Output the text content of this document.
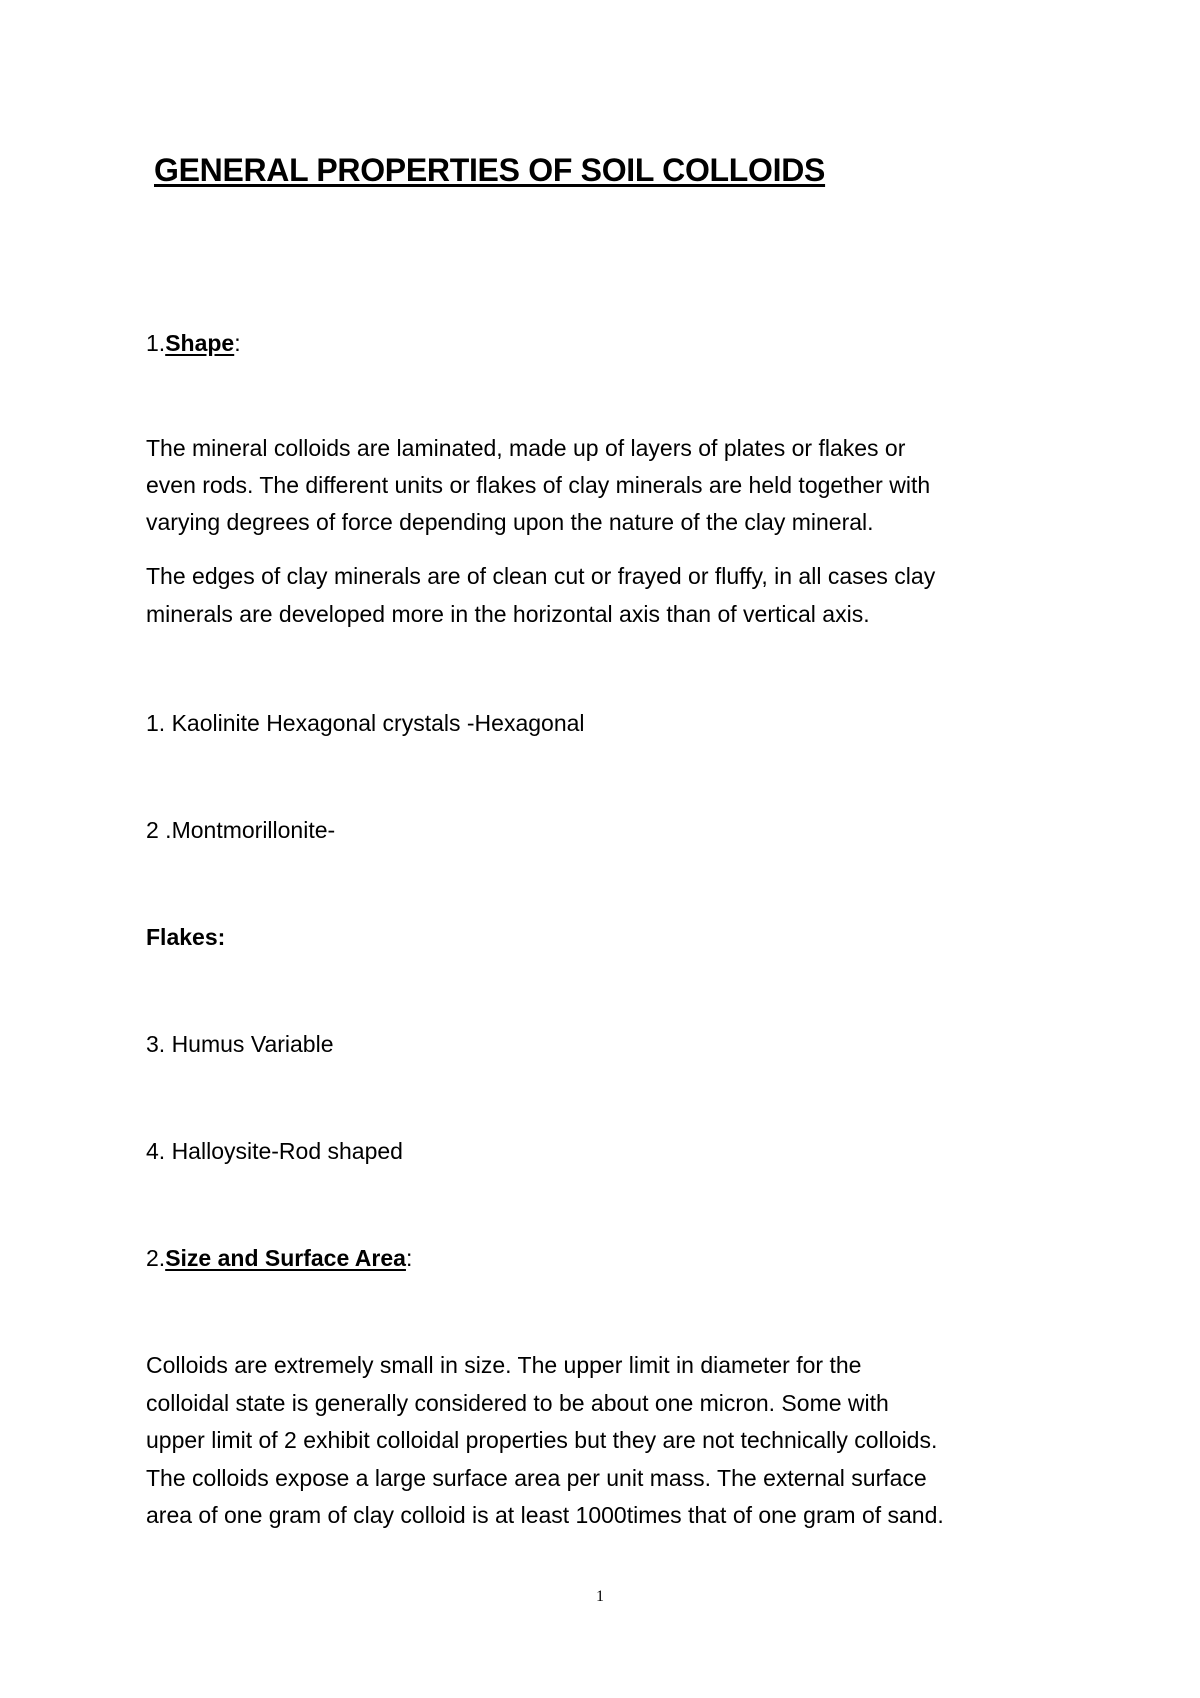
GENERAL PROPERTIES OF SOIL COLLOIDS
1.Shape:
The mineral colloids are laminated, made up of layers of plates or flakes or
even rods. The different units or flakes of clay minerals are held together with
varying degrees of force depending upon the nature of the clay mineral.
The edges of clay minerals are of clean cut or frayed or fluffy, in all cases clay
minerals are developed more in the horizontal axis than of vertical axis.
1. Kaolinite Hexagonal crystals -Hexagonal
2 .Montmorillonite-
Flakes:
3. Humus Variable
4. Halloysite-Rod shaped
2.Size and Surface Area:
Colloids are extremely small in size. The upper limit in diameter for the
colloidal state is generally considered to be about one micron. Some with
upper limit of 2 exhibit colloidal properties but they are not technically colloids.
The colloids expose a large surface area per unit mass. The external surface
area of one gram of clay colloid is at least 1000times that of one gram of sand.
1
